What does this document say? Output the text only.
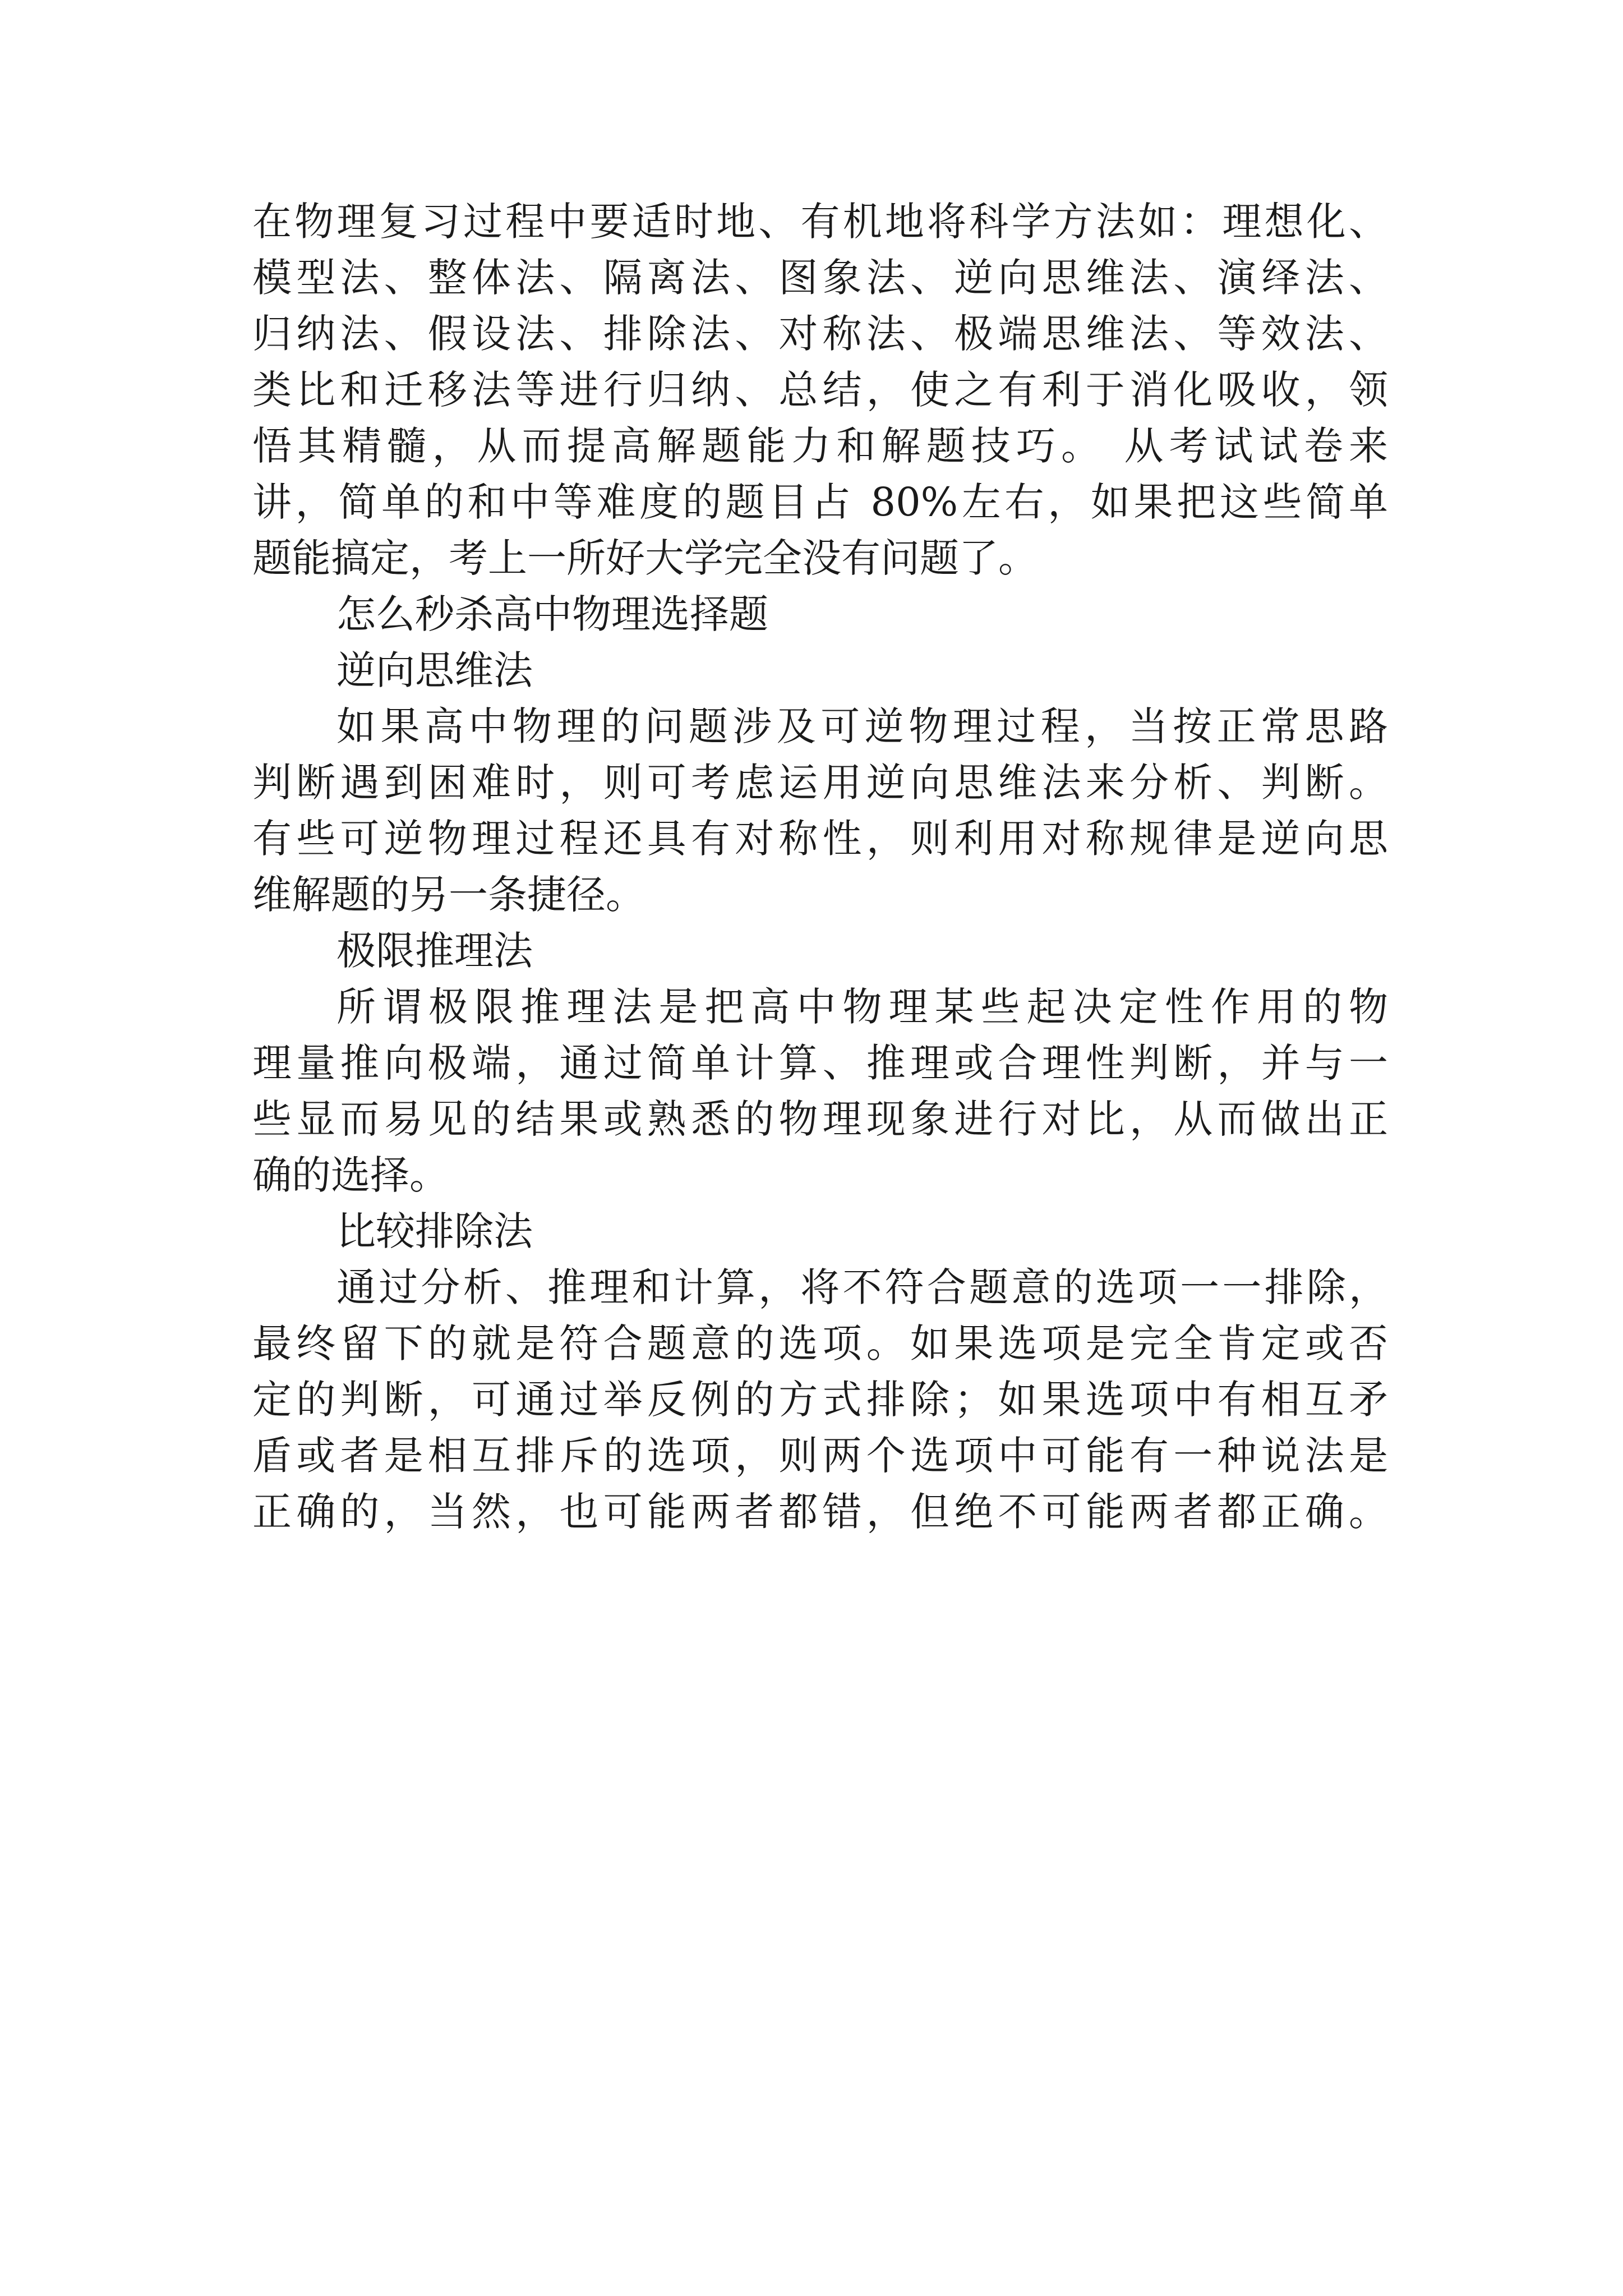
在物理复习过程中要适时地、有机地将科学方法如：理想化、
模型法、整体法、隔离法、图象法、逆向思维法、演绎法、
归纳法、假设法、排除法、对称法、极端思维法、等效法、
类比和迁移法等进行归纳、总结，使之有利于消化吸收，领
悟其精髓，从而提高解题能力和解题技巧。 从考试试卷来
讲，简单的和中等难度的题目占 80%左右，如果把这些简单
题能搞定，考上一所好大学完全没有问题了。
怎么秒杀高中物理选择题
逆向思维法
如果高中物理的问题涉及可逆物理过程，当按正常思路
判断遇到困难时，则可考虑运用逆向思维法来分析、判断。
有些可逆物理过程还具有对称性，则利用对称规律是逆向思
维解题的另一条捷径。
极限推理法
所谓极限推理法是把高中物理某些起决定性作用的物
理量推向极端，通过简单计算、推理或合理性判断，并与一
些显而易见的结果或熟悉的物理现象进行对比，从而做出正
确的选择。
比较排除法
通过分析、推理和计算，将不符合题意的选项一一排除，
最终留下的就是符合题意的选项。如果选项是完全肯定或否
定的判断，可通过举反例的方式排除；如果选项中有相互矛
盾或者是相互排斥的选项，则两个选项中可能有一种说法是
正确的，当然，也可能两者都错，但绝不可能两者都正确。
